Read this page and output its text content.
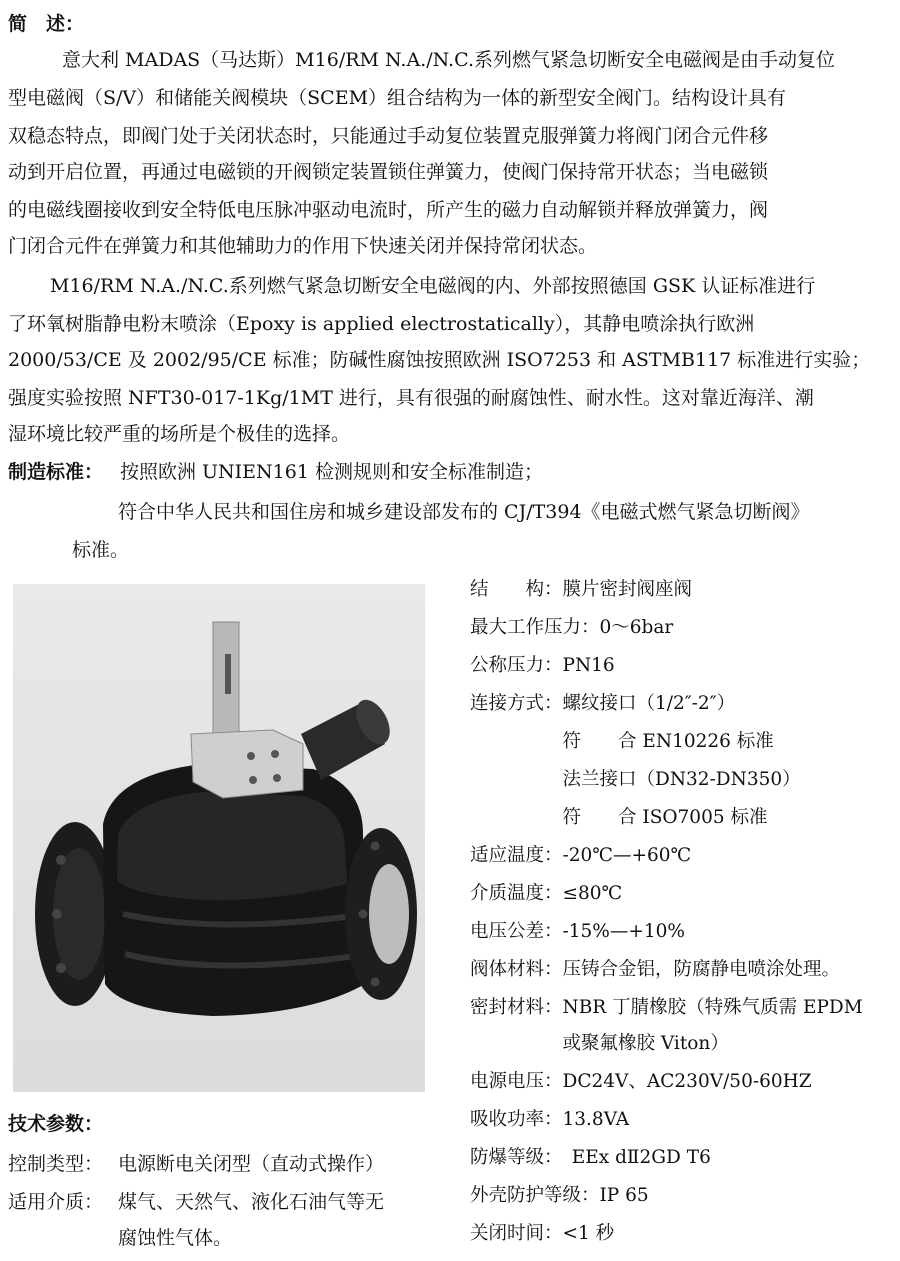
简　述：
意大利 MADAS（马达斯）M16/RM N.A./N.C.系列燃气紧急切断安全电磁阀是由手动复位
型电磁阀（S/V）和储能关阀模块（SCEM）组合结构为一体的新型安全阀门。结构设计具有
双稳态特点，即阀门处于关闭状态时，只能通过手动复位装置克服弹簧力将阀门闭合元件移
动到开启位置，再通过电磁锁的开阀锁定装置锁住弹簧力，使阀门保持常开状态；当电磁锁
的电磁线圈接收到安全特低电压脉冲驱动电流时，所产生的磁力自动解锁并释放弹簧力，阀
门闭合元件在弹簧力和其他辅助力的作用下快速关闭并保持常闭状态。
M16/RM N.A./N.C.系列燃气紧急切断安全电磁阀的内、外部按照德国 GSK 认证标准进行
了环氧树脂静电粉末喷涂（Epoxy is applied electrostatically），其静电喷涂执行欧洲
2000/53/CE 及 2002/95/CE 标准；防碱性腐蚀按照欧洲 ISO7253 和 ASTMB117 标准进行实验；
强度实验按照 NFT30-017-1Kg/1MT 进行，具有很强的耐腐蚀性、耐水性。这对靠近海洋、潮
湿环境比较严重的场所是个极佳的选择。
制造标准： 按照欧洲 UNIEN161 检测规则和安全标准制造；
符合中华人民共和国住房和城乡建设部发布的 CJ/T394《电磁式燃气紧急切断阀》
标准。
技术参数：
控制类型： 电源断电关闭型（直动式操作）
适用介质： 煤气、天然气、液化石油气等无
腐蚀性气体。
结　　构：膜片密封阀座阀
最大工作压力：0～6bar
公称压力：PN16
连接方式：螺纹接口（1/2″-2″）
　　　　　符　　合 EN10226 标准
　　　　　法兰接口（DN32-DN350）
　　　　　符　　合 ISO7005 标准
适应温度：-20℃—+60℃
介质温度：≤80℃
电压公差：-15%—+10%
阀体材料：压铸合金铝，防腐静电喷涂处理。
密封材料：NBR 丁腈橡胶（特殊气质需 EPDM
　　　　　或聚氟橡胶 Viton）
电源电压：DC24V、AC230V/50-60HZ
吸收功率：13.8VA
防爆等级：　EEx dⅡ2GD T6
外壳防护等级：IP 65
关闭时间：<1 秒
